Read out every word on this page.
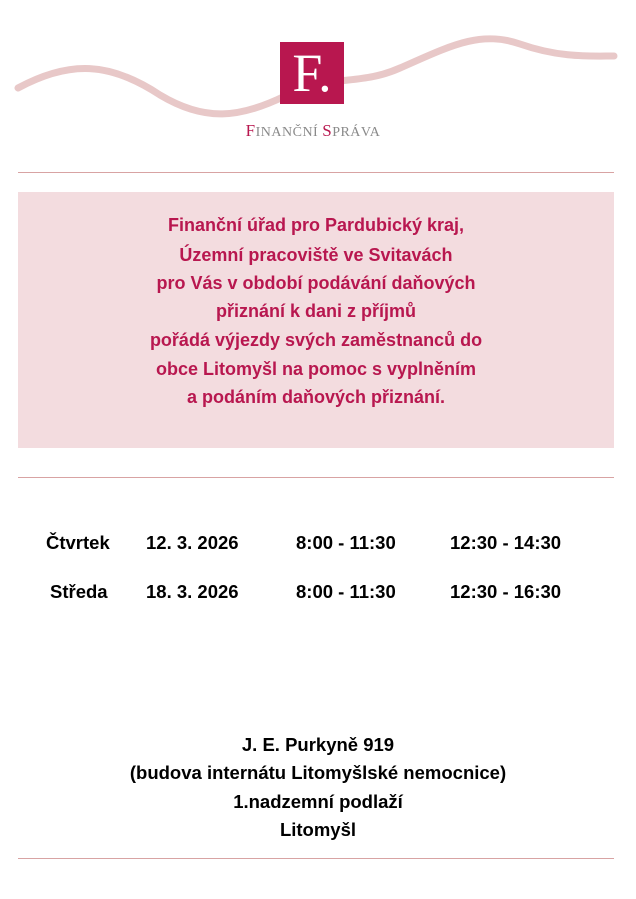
F.
FINANČNÍ SPRÁVA
Finanční úřad pro Pardubický kraj,
Územní pracoviště ve Svitavách
pro Vás v období podávání daňových
přiznání k dani z příjmů
pořádá výjezdy svých zaměstnanců do
obce Litomyšl na pomoc s vyplněním
a podáním daňových přiznání.
Čtvrtek 12. 3. 2026	8:00 - 11:30	12:30 - 14:30
Středa 18. 3. 2026	8:00 - 11:30	12:30 - 16:30
J. E. Purkyně 919
(budova internátu Litomyšlské nemocnice)
1.nadzemní podlaží
Litomyšl
